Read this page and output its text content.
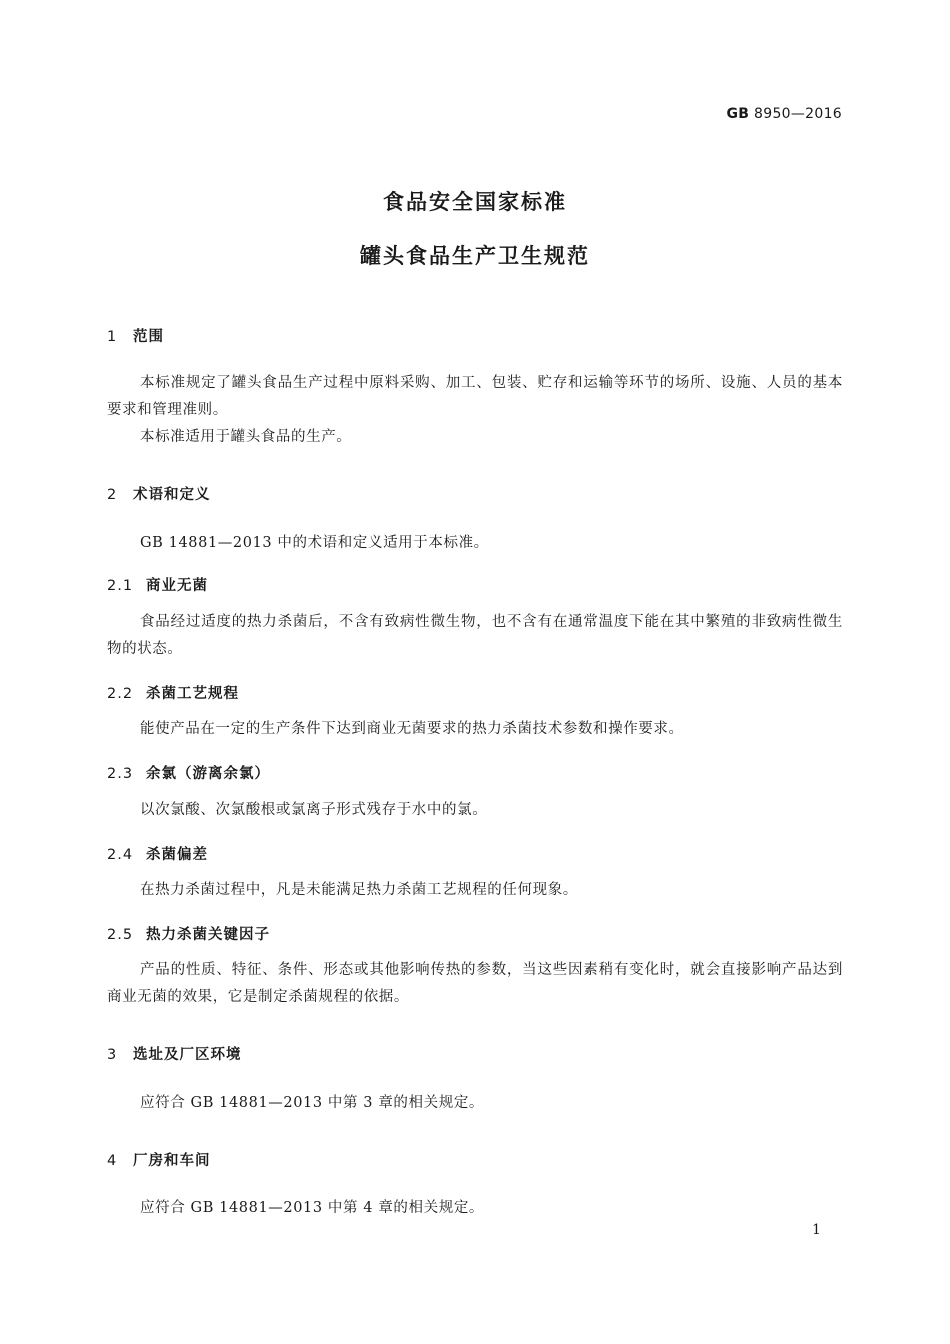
GB 8950—2016
食品安全国家标准
罐头食品生产卫生规范
1 范围
本标准规定了罐头食品生产过程中原料采购、加工、包装、贮存和运输等环节的场所、设施、人员的基本要求和管理准则。
本标准适用于罐头食品的生产。
2 术语和定义
GB 14881—2013 中的术语和定义适用于本标准。
2.1 商业无菌
食品经过适度的热力杀菌后，不含有致病性微生物，也不含有在通常温度下能在其中繁殖的非致病性微生物的状态。
2.2 杀菌工艺规程
能使产品在一定的生产条件下达到商业无菌要求的热力杀菌技术参数和操作要求。
2.3 余氯（游离余氯）
以次氯酸、次氯酸根或氯离子形式残存于水中的氯。
2.4 杀菌偏差
在热力杀菌过程中，凡是未能满足热力杀菌工艺规程的任何现象。
2.5 热力杀菌关键因子
产品的性质、特征、条件、形态或其他影响传热的参数，当这些因素稍有变化时，就会直接影响产品达到商业无菌的效果，它是制定杀菌规程的依据。
3 选址及厂区环境
应符合 GB 14881—2013 中第 3 章的相关规定。
4 厂房和车间
应符合 GB 14881—2013 中第 4 章的相关规定。
1
